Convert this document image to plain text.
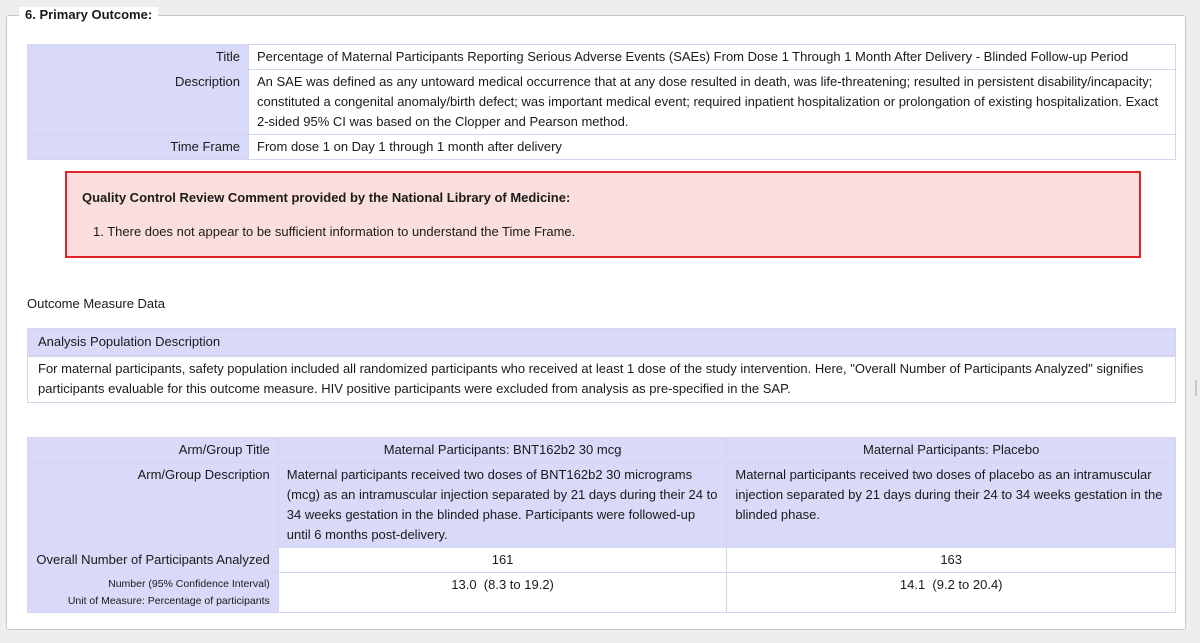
6. Primary Outcome:
Title	Percentage of Maternal Participants Reporting Serious Adverse Events (SAEs) From Dose 1 Through 1 Month After Delivery - Blinded Follow-up Period
Description	An SAE was defined as any untoward medical occurrence that at any dose resulted in death, was life-threatening; resulted in persistent disability/incapacity; constituted a congenital anomaly/birth defect; was important medical event; required inpatient hospitalization or prolongation of existing hospitalization. Exact 2-sided 95% CI was based on the Clopper and Pearson method.
Time Frame	From dose 1 on Day 1 through 1 month after delivery
Quality Control Review Comment provided by the National Library of Medicine:
1. There does not appear to be sufficient information to understand the Time Frame.
Outcome Measure Data
Analysis Population Description
For maternal participants, safety population included all randomized participants who received at least 1 dose of the study intervention. Here, "Overall Number of Participants Analyzed" signifies participants evaluable for this outcome measure. HIV positive participants were excluded from analysis as pre-specified in the SAP.
Arm/Group Title	Maternal Participants: BNT162b2 30 mcg	Maternal Participants: Placebo
Arm/Group Description	Maternal participants received two doses of BNT162b2 30 micrograms (mcg) as an intramuscular injection separated by 21 days during their 24 to 34 weeks gestation in the blinded phase. Participants were followed-up until 6 months post-delivery.	Maternal participants received two doses of placebo as an intramuscular injection separated by 21 days during their 24 to 34 weeks gestation in the blinded phase.
Overall Number of Participants Analyzed	161	163

Number (95% Confidence Interval)
Unit of Measure: Percentage of participants	13.0  (8.3 to 19.2)	14.1  (9.2 to 20.4)
